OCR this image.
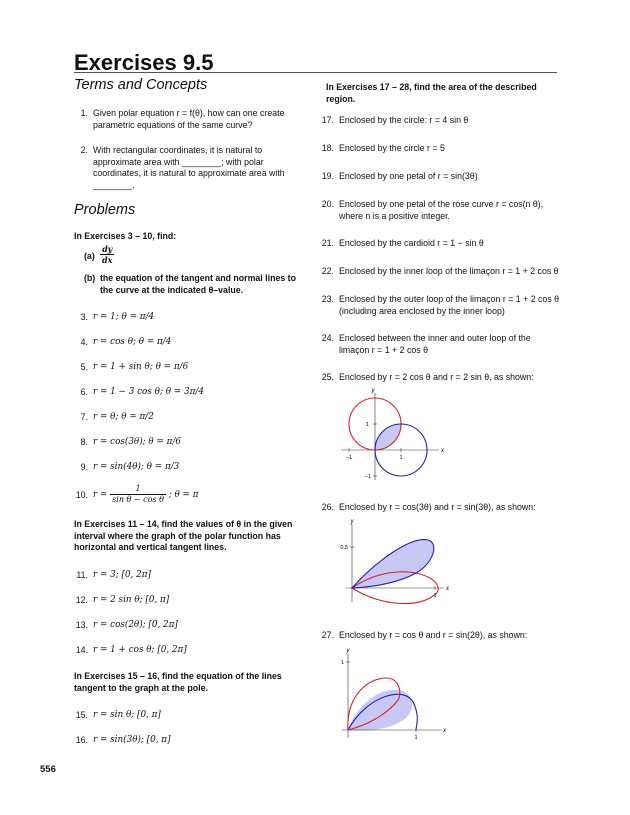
Exercises 9.5
Terms and Concepts
Problems
1. Given polar equation r = f(θ), how can one create parametric equations of the same curve?
2. With rectangular coordinates, it is natural to approximate area with ________; with polar coordinates, it is natural to approximate area with ________.
In Exercises 3 – 10, find:
$(a) \frac{dy}{dx}$
(b) the equation of the tangent and normal lines to the curve at the indicated θ–value.
3. r = 1; θ = π/4
4. r = cos θ; θ = π/4
5. r = 1 + sin θ; θ = π/6
6. r = 1 − 3 cos θ; θ = 3π/4
7. r = θ; θ = π/2
8. r = cos(3θ); θ = π/6
9. r = sin(4θ); θ = π/3
10. $r = \frac{1}{\text{sin θ − cos θ}}$ ; θ = π
In Exercises 11 – 14, find the values of θ in the given interval where the graph of the polar function has horizontal and vertical tangent lines.
11. r = 3; [0, 2π]
12. r = 2 sin θ; [0, π]
13. r = cos(2θ); [0, 2π]
14. r = 1 + cos θ; [0, 2π]
In Exercises 15 – 16, find the equation of the lines tangent to the graph at the pole.
15. r = sin θ; [0, π]
16. r = sin(3θ); [0, π]
In Exercises 17 – 28, find the area of the described region.
17. Enclosed by the circle: r = 4 sin θ
18. Enclosed by the circle r = 5
19. Enclosed by one petal of r = sin(3θ)
20. Enclosed by one petal of the rose curve r = cos(n θ), where n is a positive integer.
21. Enclosed by the cardioid r = 1 − sin θ
22. Enclosed by the inner loop of the limaçon r = 1 + 2 cos θ
23. Enclosed by the outer loop of the limaçon r = 1 + 2 cos θ (including area enclosed by the inner loop)
24. Enclosed between the inner and outer loop of the limaçon r = 1 + 2 cos θ
25. Enclosed by r = 2 cos θ and r = 2 sin θ, as shown:
26. Enclosed by r = cos(3θ) and r = sin(3θ), as shown:
27. Enclosed by r = cos θ and r = sin(2θ), as shown:
y
x
1
−1
−1	1
y
x
0.5
1
y
x
1
1
556
